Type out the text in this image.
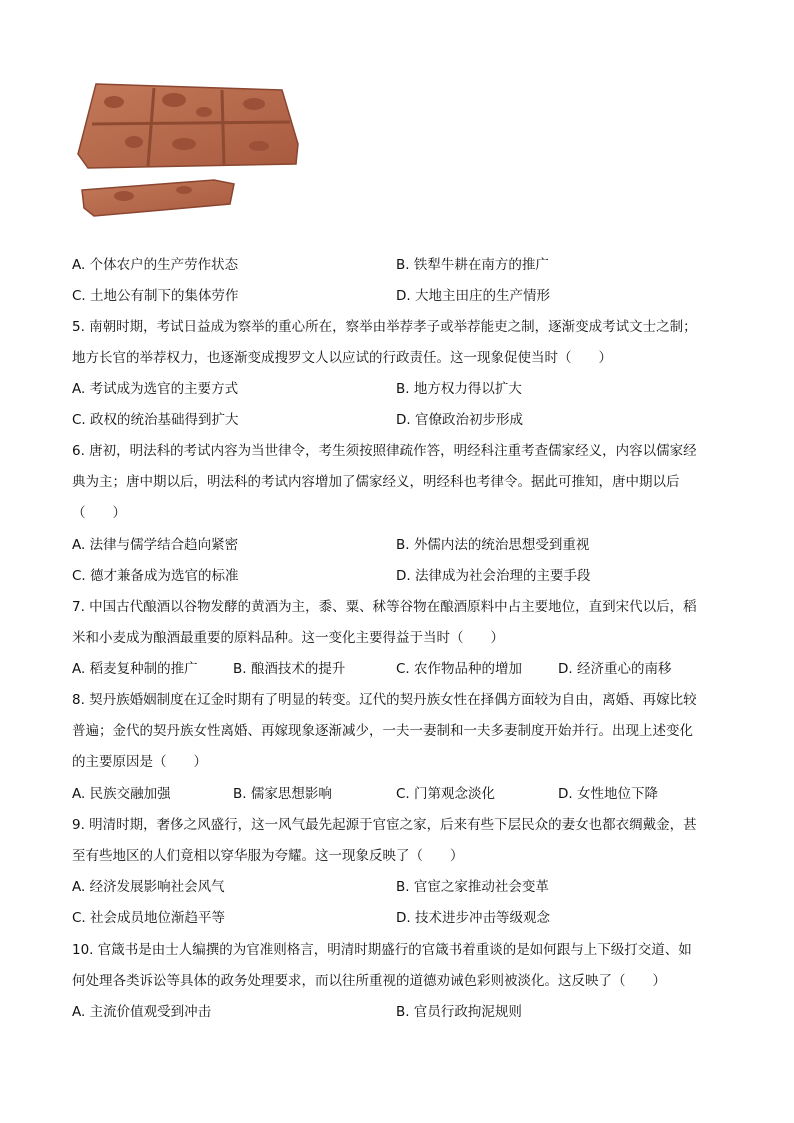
A. 个体农户的生产劳作状态	B. 铁犁牛耕在南方的推广
C. 土地公有制下的集体劳作	D. 大地主田庄的生产情形
5. 南朝时期，考试日益成为察举的重心所在，察举由举荐孝子或举荐能吏之制，逐渐变成考试文士之制；
地方长官的举荐权力，也逐渐变成搜罗文人以应试的行政责任。这一现象促使当时（　　）
A. 考试成为选官的主要方式	B. 地方权力得以扩大
C. 政权的统治基础得到扩大	D. 官僚政治初步形成
6. 唐初，明法科的考试内容为当世律令，考生须按照律疏作答，明经科注重考查儒家经义，内容以儒家经
典为主；唐中期以后，明法科的考试内容增加了儒家经义，明经科也考律令。据此可推知，唐中期以后
（　　）
A. 法律与儒学结合趋向紧密	B. 外儒内法的统治思想受到重视
C. 德才兼备成为选官的标准	D. 法律成为社会治理的主要手段
7. 中国古代酿酒以谷物发酵的黄酒为主，黍、粟、秫等谷物在酿酒原料中占主要地位，直到宋代以后，稻
米和小麦成为酿酒最重要的原料品种。这一变化主要得益于当时（　　）
A. 稻麦复种制的推广	B. 酿酒技术的提升	C. 农作物品种的增加	D. 经济重心的南移
8. 契丹族婚姻制度在辽金时期有了明显的转变。辽代的契丹族女性在择偶方面较为自由，离婚、再嫁比较
普遍；金代的契丹族女性离婚、再嫁现象逐渐减少，一夫一妻制和一夫多妻制度开始并行。出现上述变化
的主要原因是（　　）
A. 民族交融加强	B. 儒家思想影响	C. 门第观念淡化	D. 女性地位下降
9. 明清时期，奢侈之风盛行，这一风气最先起源于官宦之家，后来有些下层民众的妻女也都衣绸戴金，甚
至有些地区的人们竟相以穿华服为夸耀。这一现象反映了（　　）
A. 经济发展影响社会风气	B. 官宦之家推动社会变革
C. 社会成员地位渐趋平等	D. 技术进步冲击等级观念
10. 官箴书是由士人编撰的为官准则格言，明清时期盛行的官箴书着重谈的是如何跟与上下级打交道、如
何处理各类诉讼等具体的政务处理要求，而以往所重视的道德劝诫色彩则被淡化。这反映了（　　）
A. 主流价值观受到冲击	B. 官员行政拘泥规则
